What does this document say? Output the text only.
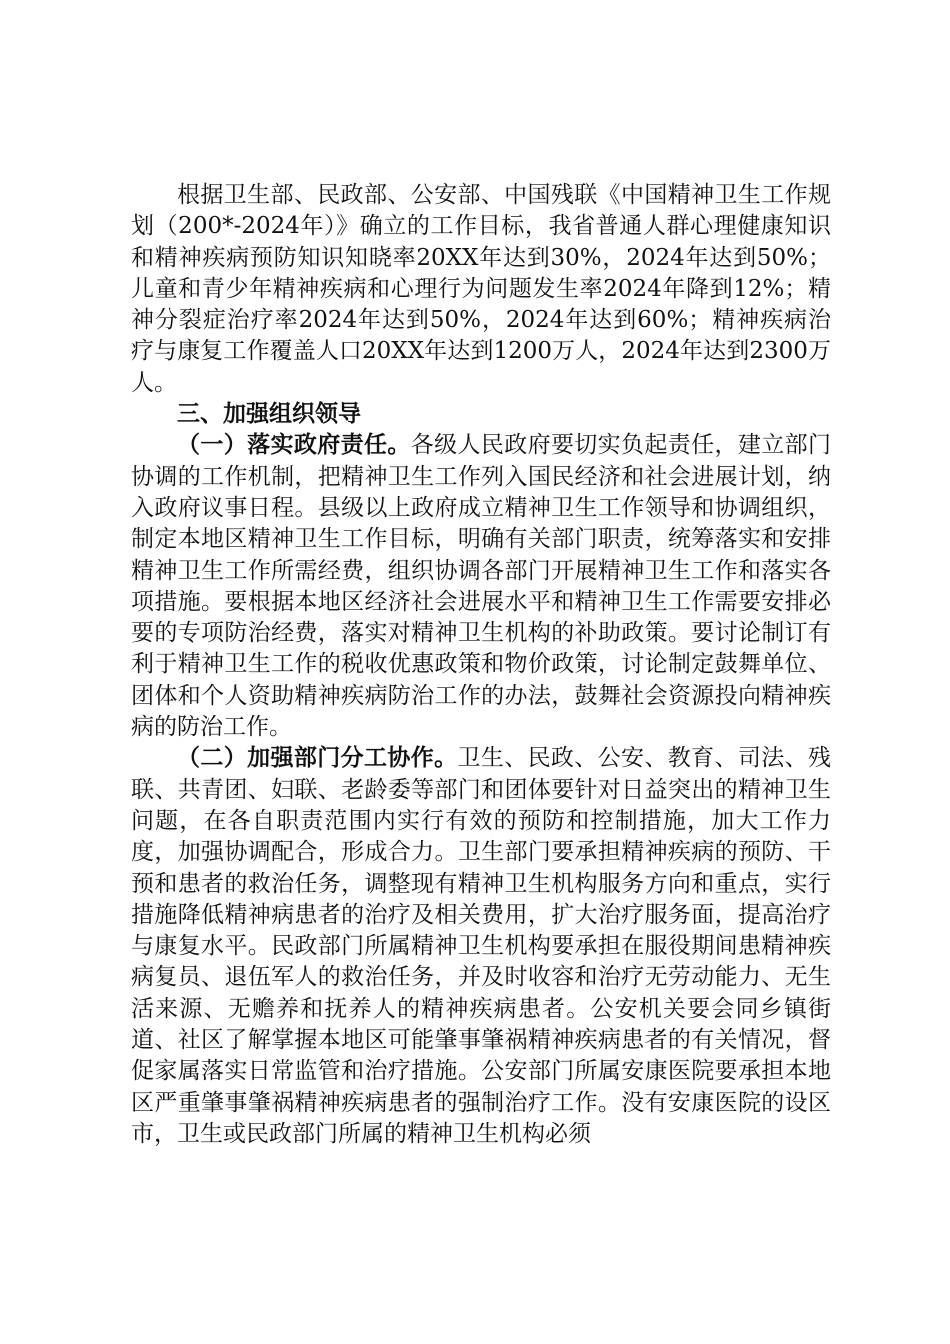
根据卫生部、民政部、公安部、中国残联《中国精神卫生工作规划（200*-2024年）》确立的工作目标，我省普通人群心理健康知识和精神疾病预防知识知晓率20XX年达到30%，2024年达到50%；儿童和青少年精神疾病和心理行为问题发生率2024年降到12%；精神分裂症治疗率2024年达到50%，2024年达到60%；精神疾病治疗与康复工作覆盖人口20XX年达到1200万人，2024年达到2300万人。

三、加强组织领导

（一）落实政府责任。各级人民政府要切实负起责任，建立部门协调的工作机制，把精神卫生工作列入国民经济和社会进展计划，纳入政府议事日程。县级以上政府成立精神卫生工作领导和协调组织，制定本地区精神卫生工作目标，明确有关部门职责，统筹落实和安排精神卫生工作所需经费，组织协调各部门开展精神卫生工作和落实各项措施。要根据本地区经济社会进展水平和精神卫生工作需要安排必要的专项防治经费，落实对精神卫生机构的补助政策。要讨论制订有利于精神卫生工作的税收优惠政策和物价政策，讨论制定鼓舞单位、团体和个人资助精神疾病防治工作的办法，鼓舞社会资源投向精神疾病的防治工作。

（二）加强部门分工协作。卫生、民政、公安、教育、司法、残联、共青团、妇联、老龄委等部门和团体要针对日益突出的精神卫生问题，在各自职责范围内实行有效的预防和控制措施，加大工作力度，加强协调配合，形成合力。卫生部门要承担精神疾病的预防、干预和患者的救治任务，调整现有精神卫生机构服务方向和重点，实行措施降低精神病患者的治疗及相关费用，扩大治疗服务面，提高治疗与康复水平。民政部门所属精神卫生机构要承担在服役期间患精神疾病复员、退伍军人的救治任务，并及时收容和治疗无劳动能力、无生活来源、无赡养和抚养人的精神疾病患者。公安机关要会同乡镇街道、社区了解掌握本地区可能肇事肇祸精神疾病患者的有关情况，督促家属落实日常监管和治疗措施。公安部门所属安康医院要承担本地区严重肇事肇祸精神疾病患者的强制治疗工作。没有安康医院的设区市，卫生或民政部门所属的精神卫生机构必须
